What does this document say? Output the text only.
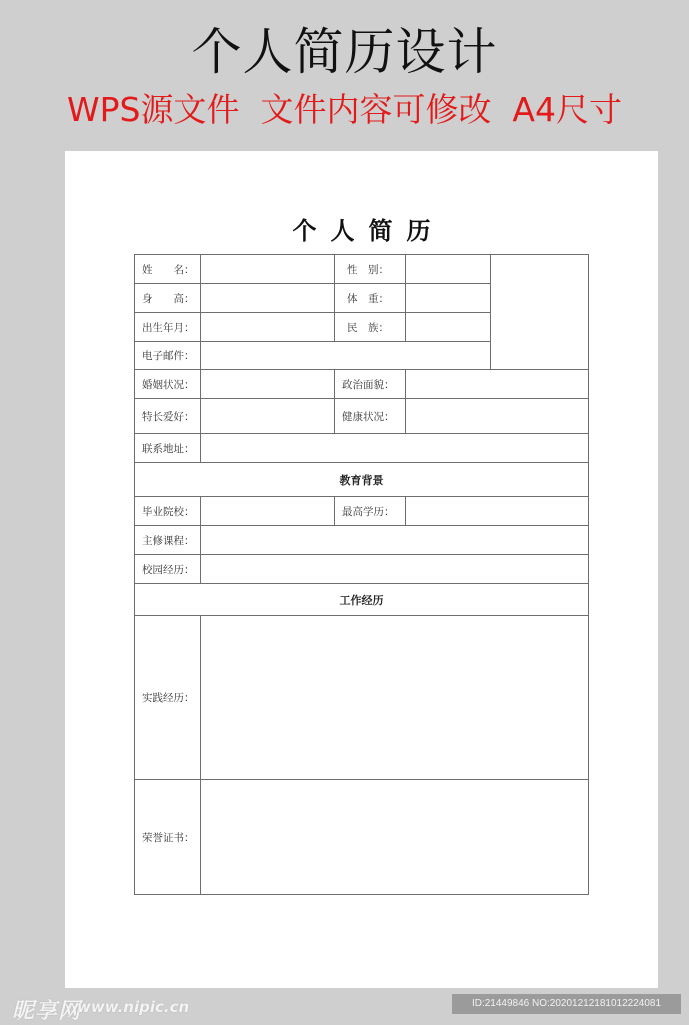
个人简历设计
WPS源文件  文件内容可修改  A4尺寸
个人简历
姓　　名：	性　别：
身　　高：	体　重：
出生年月：	民　族：
电子邮件：
婚姻状况：	政治面貌：
特长爱好：	健康状况：
联系地址：
教育背景
毕业院校：	最高学历：
主修课程：
校园经历：
工作经历
实践经历：
荣誉证书：
昵享网
www.nipic.cn	ID:21449846 NO:20201212181012224081
